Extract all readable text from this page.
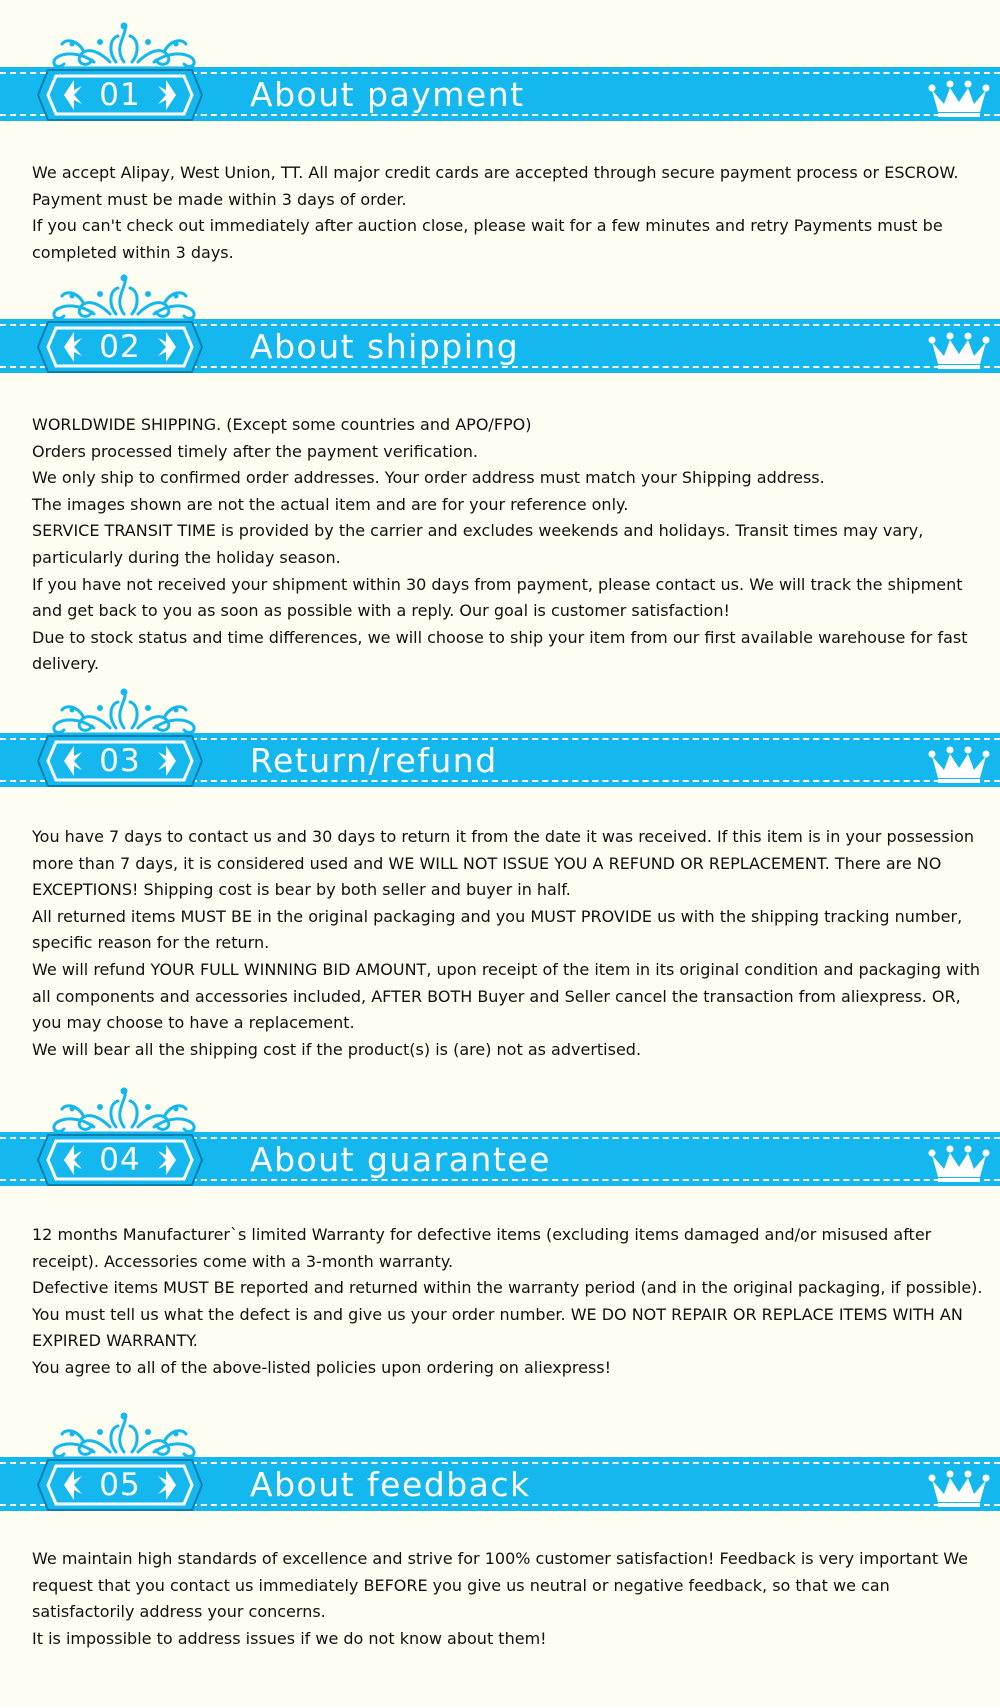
01	About payment

We accept Alipay, West Union, TT. All major credit cards are accepted through secure payment process or ESCROW.

Payment must be made within 3 days of order.

If you can't check out immediately after auction close, please wait for a few minutes and retry Payments must be completed within 3 days.

02	About shipping

WORLDWIDE SHIPPING. (Except some countries and APO/FPO)

Orders processed timely after the payment verification.

We only ship to confirmed order addresses. Your order address must match your Shipping address.

The images shown are not the actual item and are for your reference only.

SERVICE TRANSIT TIME is provided by the carrier and excludes weekends and holidays. Transit times may vary, particularly during the holiday season.

If you have not received your shipment within 30 days from payment, please contact us. We will track the shipment and get back to you as soon as possible with a reply. Our goal is customer satisfaction!

Due to stock status and time differences, we will choose to ship your item from our first available warehouse for fast delivery.

03	Return/refund

You have 7 days to contact us and 30 days to return it from the date it was received. If this item is in your possession more than 7 days, it is considered used and WE WILL NOT ISSUE YOU A REFUND OR REPLACEMENT. There are NO EXCEPTIONS! Shipping cost is bear by both seller and buyer in half.

All returned items MUST BE in the original packaging and you MUST PROVIDE us with the shipping tracking number, specific reason for the return.

We will refund YOUR FULL WINNING BID AMOUNT, upon receipt of the item in its original condition and packaging with all components and accessories included, AFTER BOTH Buyer and Seller cancel the transaction from aliexpress. OR, you may choose to have a replacement.

We will bear all the shipping cost if the product(s) is (are) not as advertised.

04	About guarantee

12 months Manufacturer`s limited Warranty for defective items (excluding items damaged and/or misused after receipt). Accessories come with a 3-month warranty.

Defective items MUST BE reported and returned within the warranty period (and in the original packaging, if possible). You must tell us what the defect is and give us your order number. WE DO NOT REPAIR OR REPLACE ITEMS WITH AN EXPIRED WARRANTY.

You agree to all of the above-listed policies upon ordering on aliexpress!

05	About feedback

We maintain high standards of excellence and strive for 100% customer satisfaction! Feedback is very important We request that you contact us immediately BEFORE you give us neutral or negative feedback, so that we can satisfactorily address your concerns.

It is impossible to address issues if we do not know about them!
